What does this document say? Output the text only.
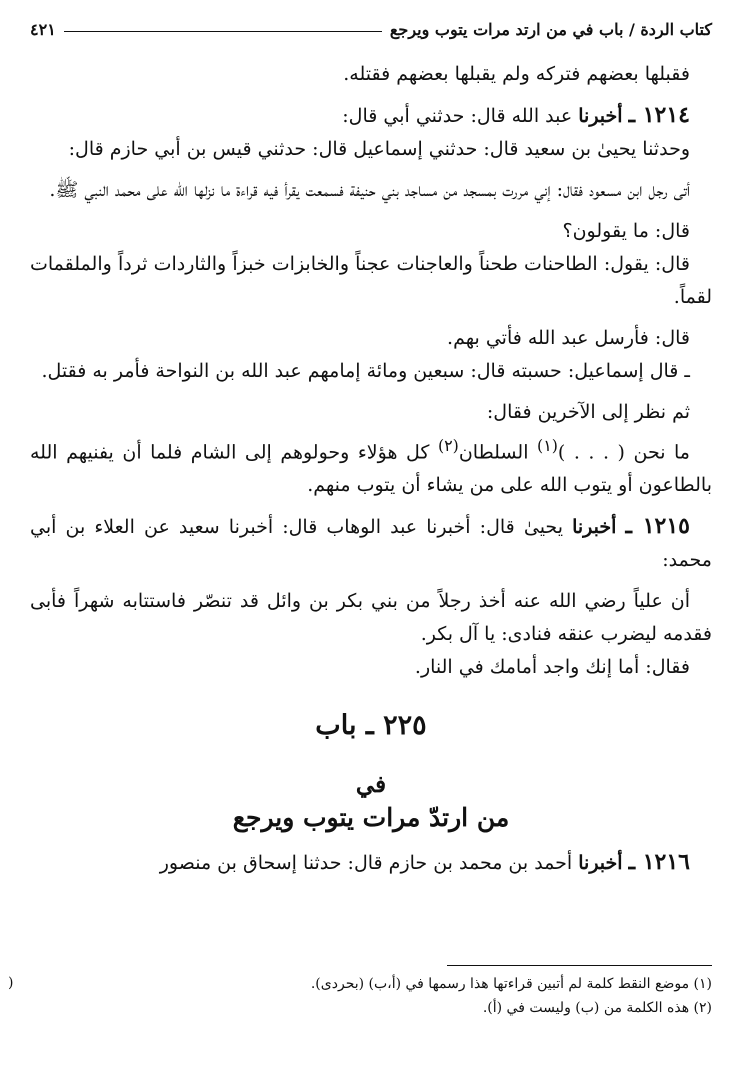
كتاب الردة / باب في من ارتد مرات يتوب ويرجع
٤٢١

فقبلها بعضهم فتركه ولم يقبلها بعضهم فقتله.

١٢١٤ ـ أخبرنا عبد الله قال: حدثني أبي قال:

وحدثنا يحيىٰ بن سعيد قال: حدثني إسماعيل قال: حدثني قيس بن أبي حازم قال:

أتى رجل ابن مسعود فقال: إني مررت بمسجد من مساجد بني حنيفة فسمعت يقرأ فيه قراءة ما نزلها الله على محمد النبي ﷺ.

قال: ما يقولون؟

قال: يقول: الطاحنات طحناً والعاجنات عجناً والخابزات خبزاً والثاردات ثرداً والملقمات لقماً.

قال: فأرسل عبد الله فأتي بهم.

ـ قال إسماعيل: حسبته قال: سبعين ومائة إمامهم عبد الله بن النواحة فأمر به فقتل.

ثم نظر إلى الآخرين فقال:

ما نحن ( . . . )$^{(١)}$ السلطان$^{(٢)}$ كل هؤلاء وحولوهم إلى الشام فلما أن يفنيهم الله بالطاعون أو يتوب الله على من يشاء أن يتوب منهم.

١٢١٥ ـ أخبرنا يحيىٰ قال: أخبرنا عبد الوهاب قال: أخبرنا سعيد عن العلاء بن أبي محمد:

أن علياً رضي الله عنه أخذ رجلاً من بني بكر بن وائل قد تنصّر فاستتابه شهراً فأبى فقدمه ليضرب عنقه فنادى: يا آل بكر.

فقال: أما إنك واجد أمامك في النار.

٢٢٥ ـ باب
في
من ارتدّ مرات يتوب ويرجع

١٢١٦ ـ أخبرنا أحمد بن محمد بن حازم قال: حدثنا إسحاق بن منصور

(١) موضع النقط كلمة لم أتبين قراءتها هذا رسمها في (أ،ب) (بحردى).
(٢) هذه الكلمة من (ب) وليست في (أ).
(
